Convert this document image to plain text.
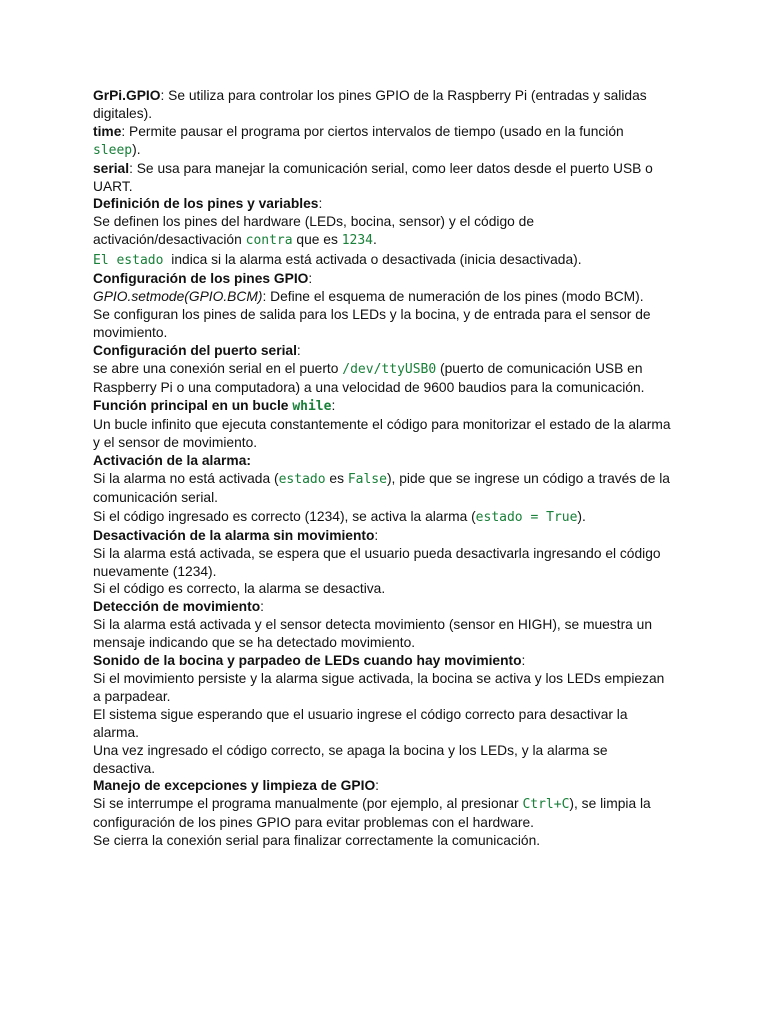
GrPi.GPIO: Se utiliza para controlar los pines GPIO de la Raspberry Pi (entradas y salidas digitales).

time: Permite pausar el programa por ciertos intervalos de tiempo (usado en la función sleep).

serial: Se usa para manejar la comunicación serial, como leer datos desde el puerto USB o UART.

Definición de los pines y variables:

Se definen los pines del hardware (LEDs, bocina, sensor) y el código de activación/desactivación contra que es 1234.

El estado indica si la alarma está activada o desactivada (inicia desactivada).

Configuración de los pines GPIO:

GPIO.setmode(GPIO.BCM): Define el esquema de numeración de los pines (modo BCM).

Se configuran los pines de salida para los LEDs y la bocina, y de entrada para el sensor de movimiento.

Configuración del puerto serial:

se abre una conexión serial en el puerto /dev/ttyUSB0 (puerto de comunicación USB en Raspberry Pi o una computadora) a una velocidad de 9600 baudios para la comunicación.

Función principal en un bucle while:

Un bucle infinito que ejecuta constantemente el código para monitorizar el estado de la alarma y el sensor de movimiento.

Activación de la alarma:

Si la alarma no está activada (estado es False), pide que se ingrese un código a través de la comunicación serial.

Si el código ingresado es correcto (1234), se activa la alarma (estado = True).

Desactivación de la alarma sin movimiento:

Si la alarma está activada, se espera que el usuario pueda desactivarla ingresando el código nuevamente (1234).

Si el código es correcto, la alarma se desactiva.

Detección de movimiento:

Si la alarma está activada y el sensor detecta movimiento (sensor en HIGH), se muestra un mensaje indicando que se ha detectado movimiento.

Sonido de la bocina y parpadeo de LEDs cuando hay movimiento:

Si el movimiento persiste y la alarma sigue activada, la bocina se activa y los LEDs empiezan a parpadear.

El sistema sigue esperando que el usuario ingrese el código correcto para desactivar la alarma.

Una vez ingresado el código correcto, se apaga la bocina y los LEDs, y la alarma se desactiva.

Manejo de excepciones y limpieza de GPIO:

Si se interrumpe el programa manualmente (por ejemplo, al presionar Ctrl+C), se limpia la configuración de los pines GPIO para evitar problemas con el hardware.

Se cierra la conexión serial para finalizar correctamente la comunicación.
